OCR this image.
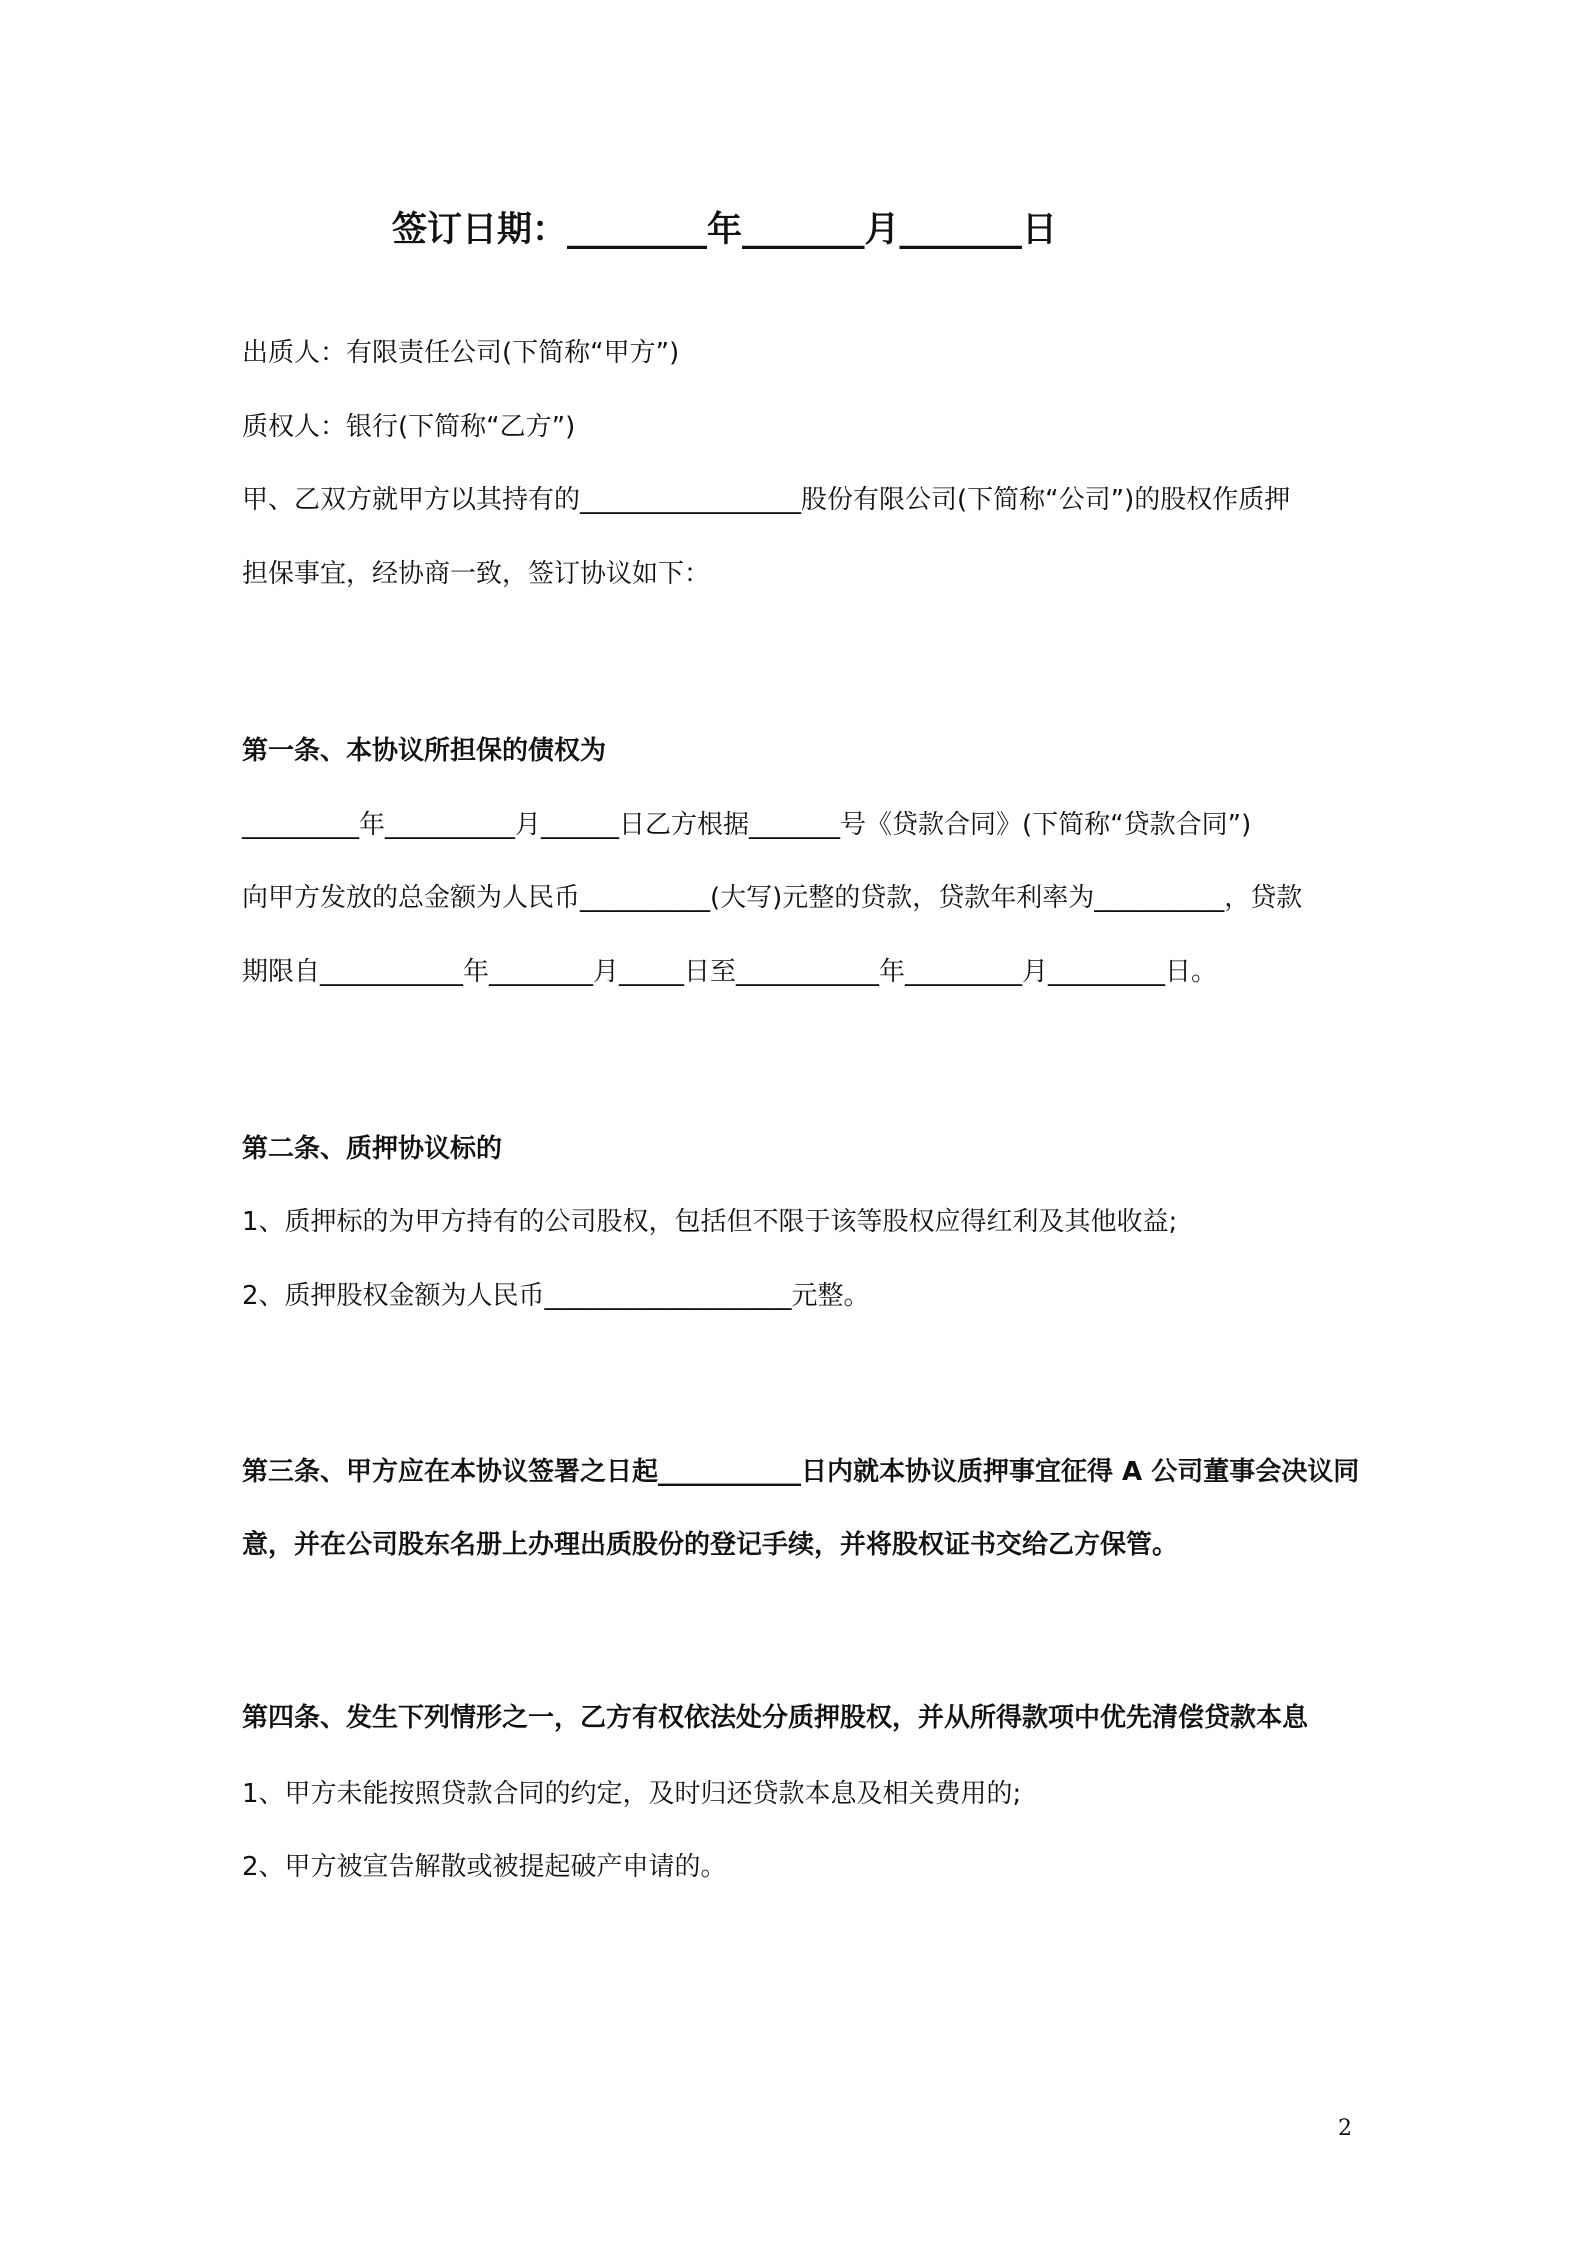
签订日期：________年_______月_______日
出质人：有限责任公司(下简称“甲方”)
质权人：银行(下简称“乙方”)
甲、乙双方就甲方以其持有的_________________股份有限公司(下简称“公司”)的股权作质押
担保事宜，经协商一致，签订协议如下：
第一条、本协议所担保的债权为
_________年__________月______日乙方根据_______号《贷款合同》(下简称“贷款合同”)
向甲方发放的总金额为人民币__________(大写)元整的贷款，贷款年利率为__________，贷款
期限自___________年________月_____日至___________年_________月_________日。
第二条、质押协议标的
1、质押标的为甲方持有的公司股权，包括但不限于该等股权应得红利及其他收益;
2、质押股权金额为人民币___________________元整。
第三条、甲方应在本协议签署之日起___________日内就本协议质押事宜征得 A 公司董事会决议同
意，并在公司股东名册上办理出质股份的登记手续，并将股权证书交给乙方保管。
第四条、发生下列情形之一，乙方有权依法处分质押股权，并从所得款项中优先清偿贷款本息
1、甲方未能按照贷款合同的约定，及时归还贷款本息及相关费用的;
2、甲方被宣告解散或被提起破产申请的。
2
